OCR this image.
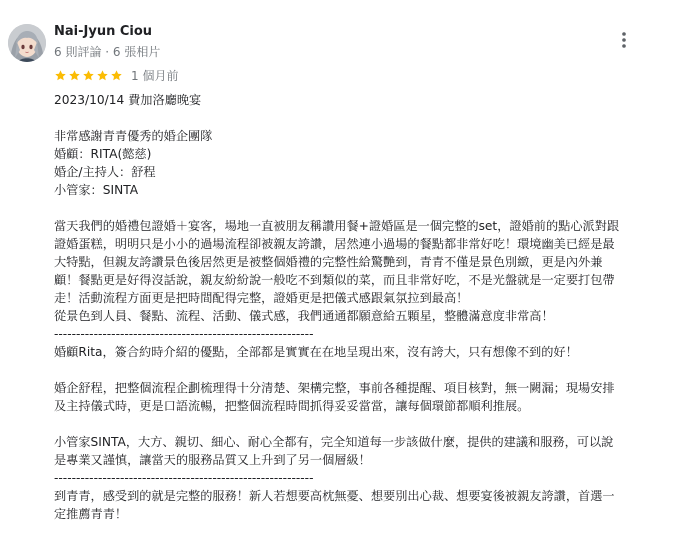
Nai-Jyun Ciou
6 則評論 · 6 張相片
1 個月前
2023/10/14 費加洛廳晚宴
非常感謝青青優秀的婚企團隊
婚顧：RITA(懿慈)
婚企/主持人：舒程
小管家：SINTA
當天我們的婚禮包證婚＋宴客，場地一直被朋友稱讚用餐+證婚區是一個完整的set，證婚前的點心派對跟
證婚蛋糕，明明只是小小的過場流程卻被親友誇讚，居然連小過場的餐點都非常好吃！環境幽美已經是最
大特點，但親友誇讚景色後居然更是被整個婚禮的完整性給驚艷到，青青不僅是景色別緻，更是內外兼
顧！餐點更是好得沒話說，親友紛紛說一般吃不到類似的菜，而且非常好吃，不是光盤就是一定要打包帶
走！活動流程方面更是把時間配得完整，證婚更是把儀式感跟氣氛拉到最高！
從景色到人員、餐點、流程、活動、儀式感，我們通通都願意給五顆星，整體滿意度非常高！
-----------------------------------------------------------
婚顧Rita，簽合約時介紹的優點，全部都是實實在在地呈現出來，沒有誇大，只有想像不到的好！
婚企舒程，把整個流程企劃梳理得十分清楚、架構完整，事前各種提醒、項目核對，無一闕漏；現場安排
及主持儀式時，更是口語流暢，把整個流程時間抓得妥妥當當，讓每個環節都順利推展。
小管家SINTA，大方、親切、細心、耐心全都有，完全知道每一步該做什麼，提供的建議和服務，可以說
是專業又謹慎，讓當天的服務品質又上升到了另一個層級！
-----------------------------------------------------------
到青青，感受到的就是完整的服務！新人若想要高枕無憂、想要別出心裁、想要宴後被親友誇讚，首選一
定推薦青青！
